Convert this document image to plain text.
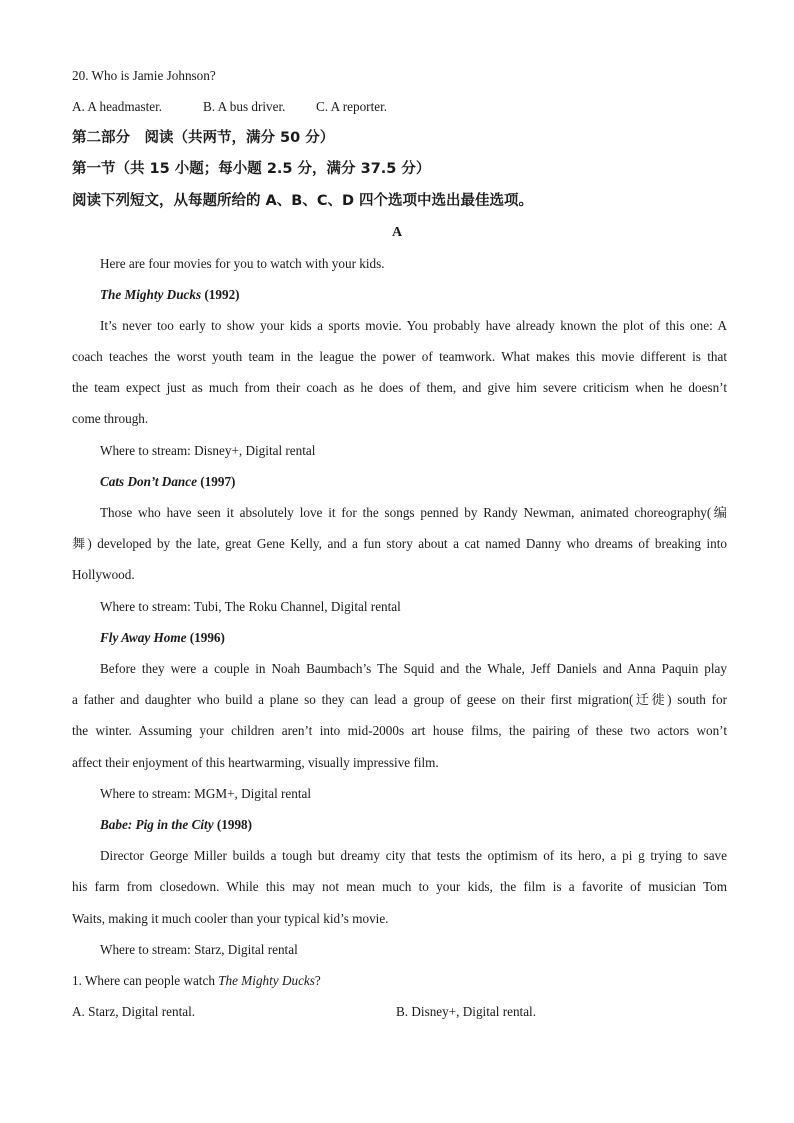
20. Who is Jamie Johnson?
A. A headmaster.	B. A bus driver. C. A reporter.
第二部分　阅读（共两节，满分 50 分）
第一节（共 15 小题；每小题 2.5 分，满分 37.5 分）
阅读下列短文，从每题所给的 A、B、C、D 四个选项中选出最佳选项。
A
Here are four movies for you to watch with your kids.
The Mighty Ducks (1992)
It’s never too early to show your kids a sports movie. You probably have already known the plot of this one: A
coach teaches the worst youth team in the league the power of teamwork. What makes this movie different is that
the team expect just as much from their coach as he does of them, and give him severe criticism when he doesn’t
come through.
Where to stream: Disney+, Digital rental
Cats Don’t Dance (1997)
Those who have seen it absolutely love it for the songs penned by Randy Newman, animated choreography(编
舞) developed by the late, great Gene Kelly, and a fun story about a cat named Danny who dreams of breaking into
Hollywood.
Where to stream: Tubi, The Roku Channel, Digital rental
Fly Away Home (1996)
Before they were a couple in Noah Baumbach’s The Squid and the Whale, Jeff Daniels and Anna Paquin play
a father and daughter who build a plane so they can lead a group of geese on their first migration(迁徙) south for
the winter. Assuming your children aren’t into mid-2000s art house films, the pairing of these two actors won’t
affect their enjoyment of this heartwarming, visually impressive film.
Where to stream: MGM+, Digital rental
Babe: Pig in the City (1998)
Director George Miller builds a tough but dreamy city that tests the optimism of its hero, a pi g trying to save
his farm from closedown. While this may not mean much to your kids, the film is a favorite of musician Tom
Waits, making it much cooler than your typical kid’s movie.
Where to stream: Starz, Digital rental
1. Where can people watch The Mighty Ducks?
A. Starz, Digital rental.	B. Disney+, Digital rental.
